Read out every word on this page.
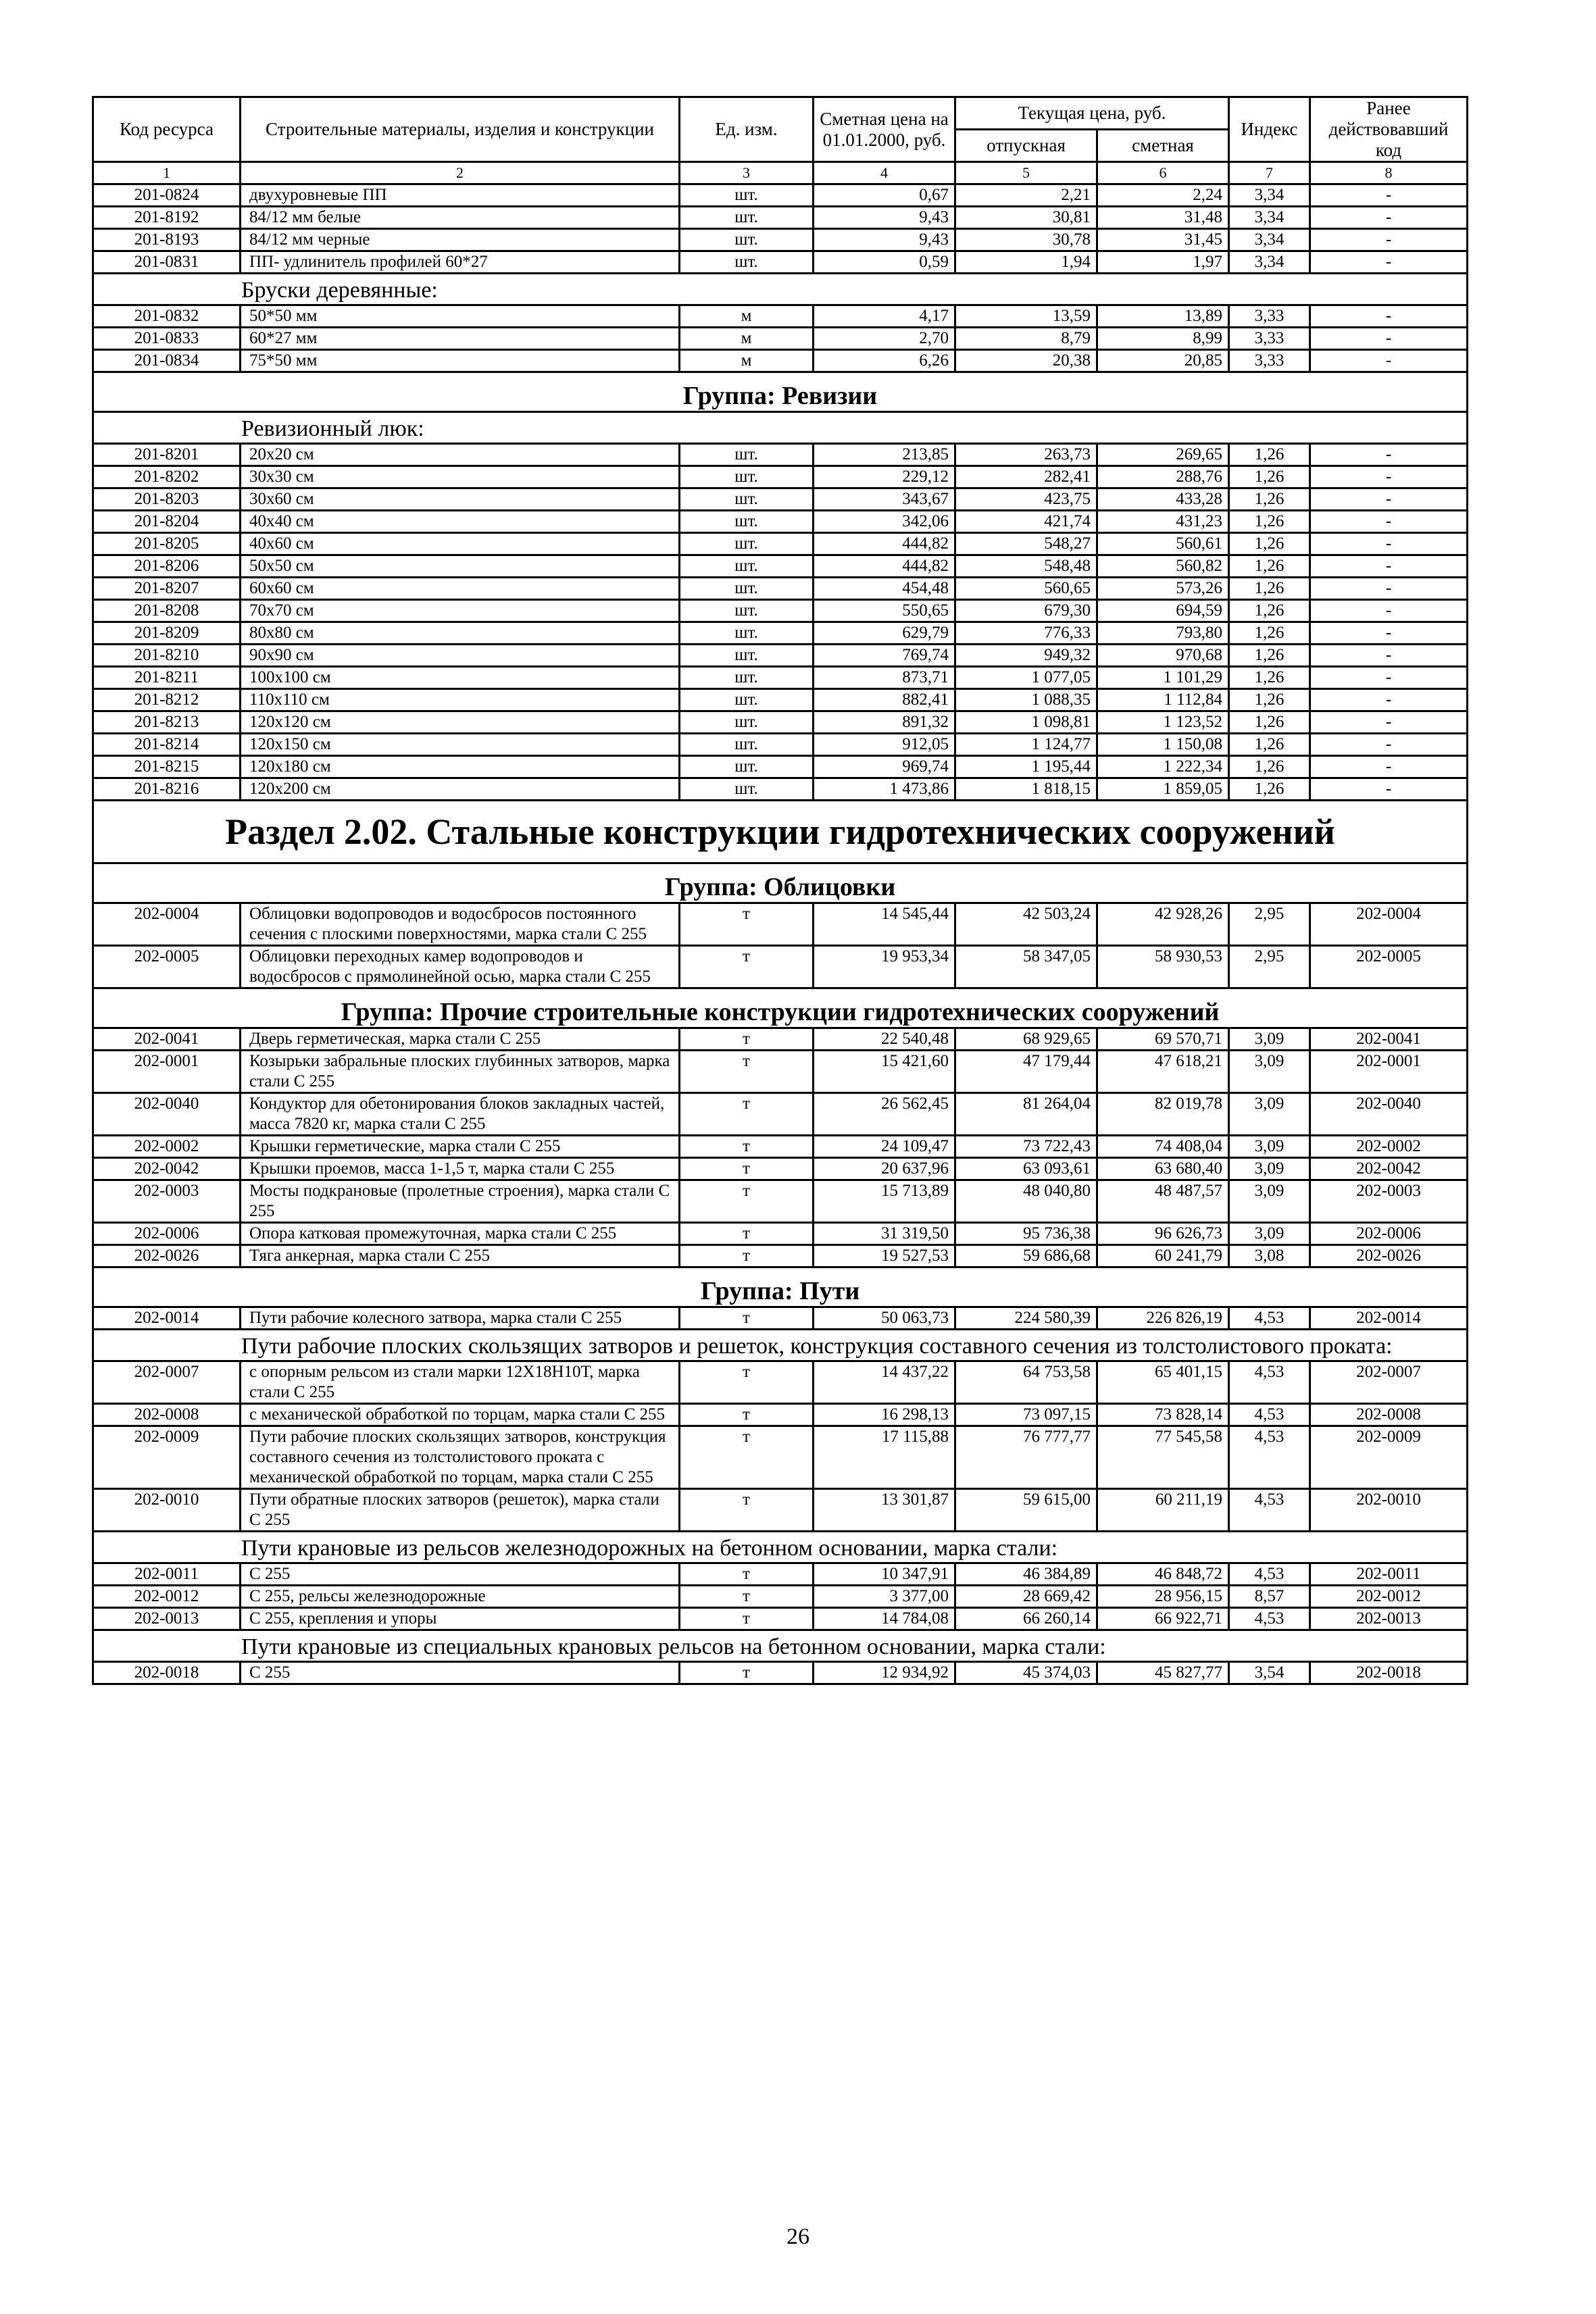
Код ресурса	Строительные материалы, изделия и конструкции	Ед. изм.	Сметная цена на 01.01.2000, руб.	Текущая цена, руб.		Индекс	Ранее действовавший код
				отпускная	сметная		
1	2	3	4	5	6	7	8
201-0824	двухуровневые ПП	шт.	0,67	2,21	2,24	3,34	-
201-8192	84/12 мм белые	шт.	9,43	30,81	31,48	3,34	-
201-8193	84/12 мм черные	шт.	9,43	30,78	31,45	3,34	-
201-0831	ПП- удлинитель профилей 60*27	шт.	0,59	1,94	1,97	3,34	-
Бруски деревянные:							
201-0832	50*50 мм	м	4,17	13,59	13,89	3,33	-
201-0833	60*27 мм	м	2,70	8,79	8,99	3,33	-
201-0834	75*50 мм	м	6,26	20,38	20,85	3,33	-
Группа: Ревизии							
Ревизионный люк:							
201-8201	20х20 см	шт.	213,85	263,73	269,65	1,26	-
201-8202	30х30 см	шт.	229,12	282,41	288,76	1,26	-
201-8203	30х60 см	шт.	343,67	423,75	433,28	1,26	-
201-8204	40х40 см	шт.	342,06	421,74	431,23	1,26	-
201-8205	40х60 см	шт.	444,82	548,27	560,61	1,26	-
201-8206	50х50 см	шт.	444,82	548,48	560,82	1,26	-
201-8207	60х60 см	шт.	454,48	560,65	573,26	1,26	-
201-8208	70х70 см	шт.	550,65	679,30	694,59	1,26	-
201-8209	80х80 см	шт.	629,79	776,33	793,80	1,26	-
201-8210	90х90 см	шт.	769,74	949,32	970,68	1,26	-
201-8211	100х100 см	шт.	873,71	1 077,05	1 101,29	1,26	-
201-8212	110х110 см	шт.	882,41	1 088,35	1 112,84	1,26	-
201-8213	120х120 см	шт.	891,32	1 098,81	1 123,52	1,26	-
201-8214	120х150 см	шт.	912,05	1 124,77	1 150,08	1,26	-
201-8215	120х180 см	шт.	969,74	1 195,44	1 222,34	1,26	-
201-8216	120х200 см	шт.	1 473,86	1 818,15	1 859,05	1,26	-
Раздел 2.02. Стальные конструкции гидротехнических сооружений							
Группа: Облицовки							
202-0004	Облицовки водопроводов и водосбросов постоянного сечения с плоскими поверхностями, марка стали С 255	т	14 545,44	42 503,24	42 928,26	2,95	202-0004
202-0005	Облицовки переходных камер водопроводов и водосбросов с прямолинейной осью, марка стали С 255	т	19 953,34	58 347,05	58 930,53	2,95	202-0005
Группа: Прочие строительные конструкции гидротехнических сооружений							
202-0041	Дверь герметическая, марка стали С 255	т	22 540,48	68 929,65	69 570,71	3,09	202-0041
202-0001	Козырьки забральные плоских глубинных затворов, марка стали С 255	т	15 421,60	47 179,44	47 618,21	3,09	202-0001
202-0040	Кондуктор для обетонирования блоков закладных частей, масса 7820 кг, марка стали С 255	т	26 562,45	81 264,04	82 019,78	3,09	202-0040
202-0002	Крышки герметические, марка стали С 255	т	24 109,47	73 722,43	74 408,04	3,09	202-0002
202-0042	Крышки проемов, масса 1-1,5 т, марка стали С 255	т	20 637,96	63 093,61	63 680,40	3,09	202-0042
202-0003	Мосты подкрановые (пролетные строения), марка стали С 255	т	15 713,89	48 040,80	48 487,57	3,09	202-0003
202-0006	Опора катковая промежуточная, марка стали С 255	т	31 319,50	95 736,38	96 626,73	3,09	202-0006
202-0026	Тяга анкерная, марка стали С 255	т	19 527,53	59 686,68	60 241,79	3,08	202-0026
Группа: Пути							
202-0014	Пути рабочие колесного затвора, марка стали С 255	т	50 063,73	224 580,39	226 826,19	4,53	202-0014
Пути рабочие плоских скользящих затворов и решеток, конструкция составного сечения из толстолистового проката:							
202-0007	с опорным рельсом из стали марки 12Х18Н10Т, марка стали С 255	т	14 437,22	64 753,58	65 401,15	4,53	202-0007
202-0008	с механической обработкой по торцам, марка стали С 255	т	16 298,13	73 097,15	73 828,14	4,53	202-0008
202-0009	Пути рабочие плоских скользящих затворов, конструкция составного сечения из толстолистового проката с механической обработкой по торцам, марка стали С 255	т	17 115,88	76 777,77	77 545,58	4,53	202-0009
202-0010	Пути обратные плоских затворов (решеток), марка стали С 255	т	13 301,87	59 615,00	60 211,19	4,53	202-0010
Пути крановые из рельсов железнодорожных на бетонном основании, марка стали:							
202-0011	С 255	т	10 347,91	46 384,89	46 848,72	4,53	202-0011
202-0012	С 255, рельсы железнодорожные	т	3 377,00	28 669,42	28 956,15	8,57	202-0012
202-0013	С 255, крепления и упоры	т	14 784,08	66 260,14	66 922,71	4,53	202-0013
Пути крановые из специальных крановых рельсов на бетонном основании, марка стали:							
202-0018	С 255	т	12 934,92	45 374,03	45 827,77	3,54	202-0018
26
